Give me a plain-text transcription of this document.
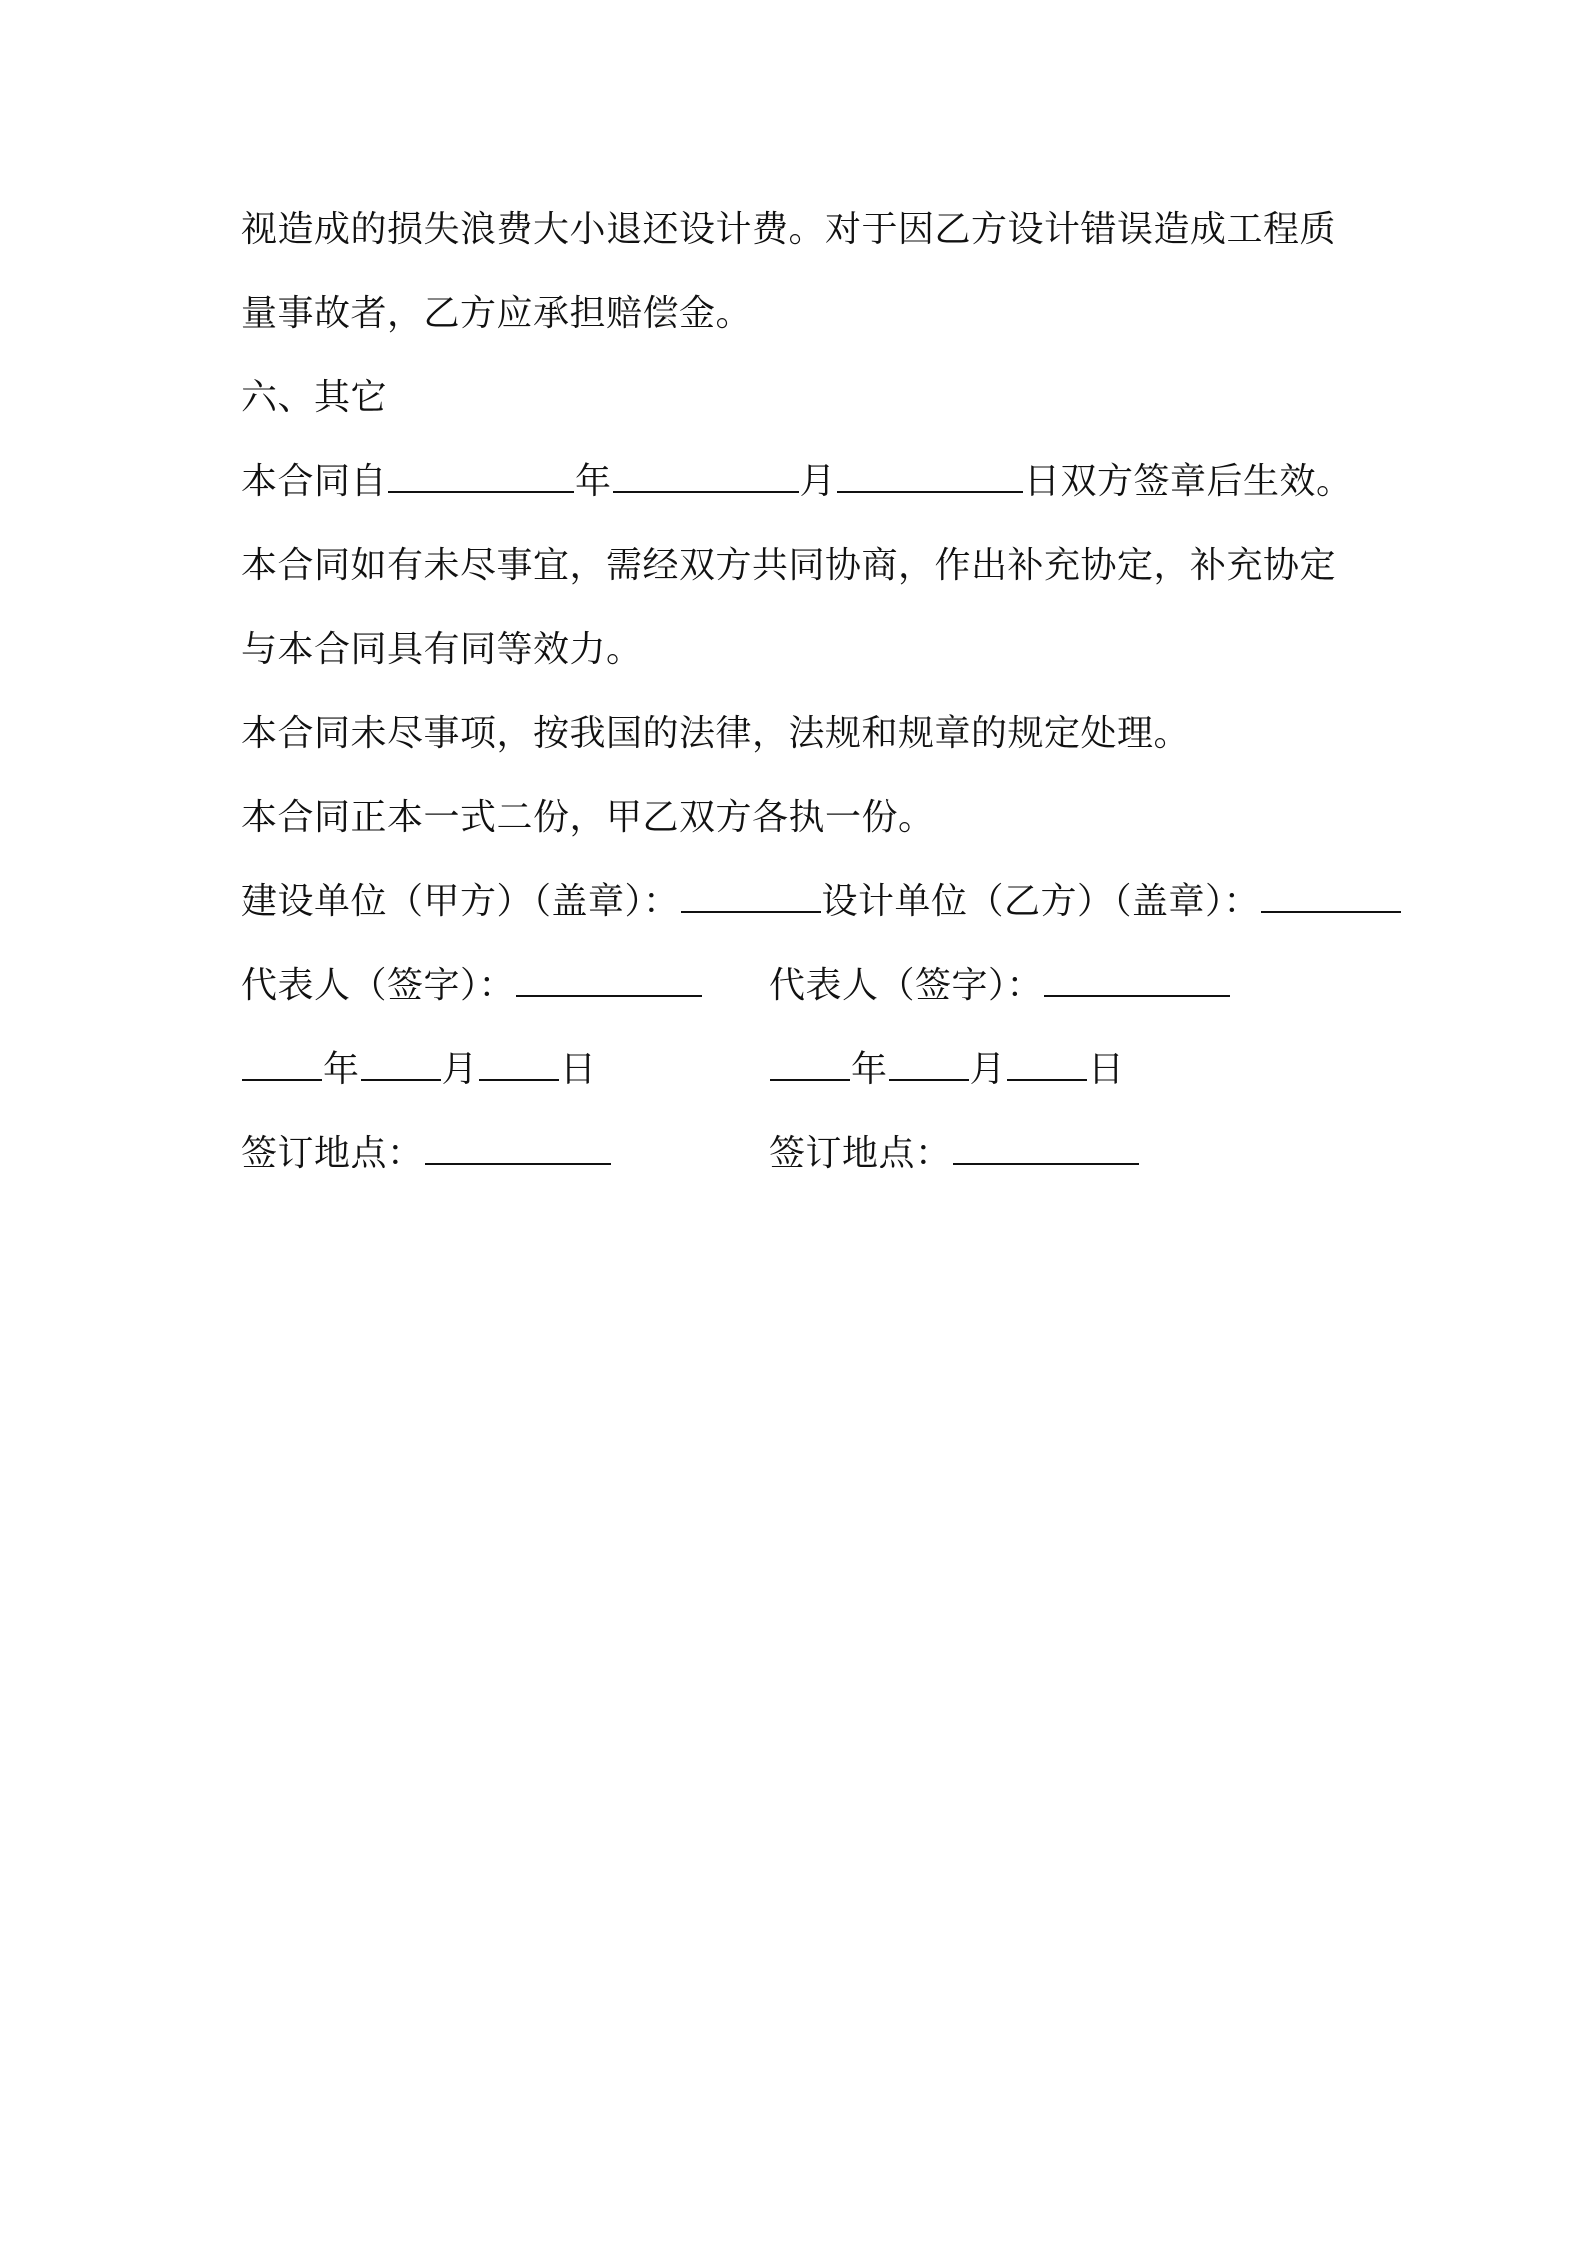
视造成的损失浪费大小退还设计费。对于因乙方设计错误造成工程质
量事故者，乙方应承担赔偿金。
六、其它
本合同自	年	月	日双方签章后生效。
本合同如有未尽事宜，需经双方共同协商，作出补充协定，补充协定
与本合同具有同等效力。
本合同未尽事项，按我国的法律，法规和规章的规定处理。
本合同正本一式二份，甲乙双方各执一份。
建设单位（甲方）（盖章）：	设计单位（乙方）（盖章）：
代表人（签字）：	代表人（签字）：
年 月 日	年 月 日
签订地点：	签订地点：
